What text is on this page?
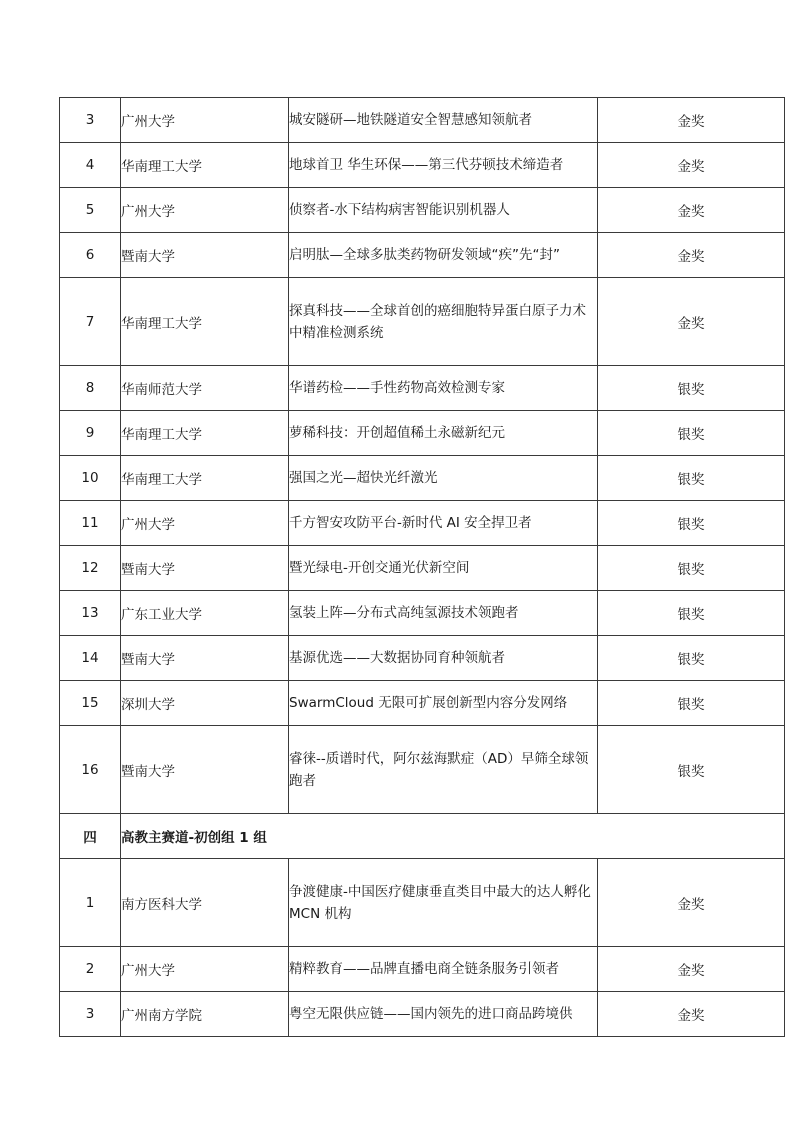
3	广州大学	城安隧研—地铁隧道安全智慧感知领航者	金奖
4	华南理工大学	地球首卫 华生环保——第三代芬顿技术缔造者	金奖
5	广州大学	侦察者-水下结构病害智能识别机器人	金奖
6	暨南大学	启明肽—全球多肽类药物研发领域“疾”先“封”	金奖
7	华南理工大学	探真科技——全球首创的癌细胞特异蛋白原子力术中精准检测系统	金奖
8	华南师范大学	华谱药检——手性药物高效检测专家	银奖
9	华南理工大学	萝稀科技：开创超值稀土永磁新纪元	银奖
10	华南理工大学	强国之光—超快光纤激光	银奖
11	广州大学	千方智安攻防平台-新时代 AI 安全捍卫者	银奖
12	暨南大学	暨光绿电-开创交通光伏新空间	银奖
13	广东工业大学	氢装上阵—分布式高纯氢源技术领跑者	银奖
14	暨南大学	基源优选——大数据协同育种领航者	银奖
15	深圳大学	SwarmCloud 无限可扩展创新型内容分发网络	银奖
16	暨南大学	睿徕--质谱时代，阿尔兹海默症（AD）早筛全球领跑者	银奖
四	高教主赛道-初创组 1 组		
1	南方医科大学	争渡健康-中国医疗健康垂直类目中最大的达人孵化 MCN 机构	金奖
2	广州大学	精粹教育——品牌直播电商全链条服务引领者	金奖
3	广州南方学院	粤空无限供应链——国内领先的进口商品跨境供	金奖
